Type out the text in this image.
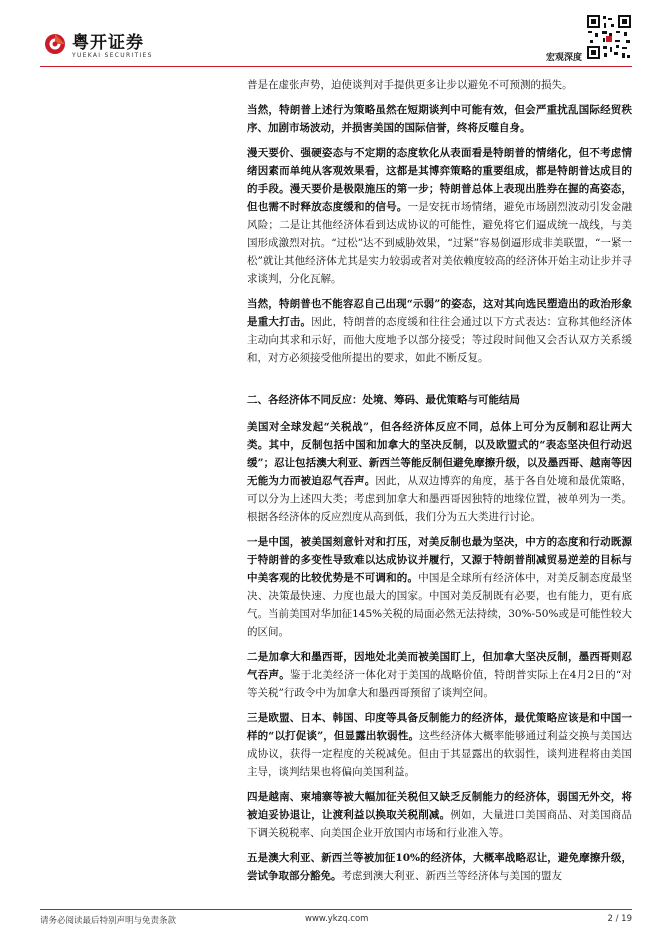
粤开证券
YUEKAI SECURITIES	宏观深度

普是在虚张声势，迫使谈判对手提供更多让步以避免不可预测的损失。

当然，特朗普上述行为策略虽然在短期谈判中可能有效，但会严重扰乱国际经贸秩序、加剧市场波动，并损害美国的国际信誉，终将反噬自身。

漫天要价、强硬姿态与不定期的态度软化从表面看是特朗普的情绪化，但不考虑情绪因素而单纯从客观效果看，这都是其博弈策略的重要组成，都是特朗普达成目的的手段。漫天要价是极限施压的第一步；特朗普总体上表现出胜券在握的高姿态，但也需不时释放态度缓和的信号。一是安抚市场情绪，避免市场剧烈波动引发金融风险；二是让其他经济体看到达成协议的可能性，避免将它们逼成统一战线，与美国形成激烈对抗。“过松”达不到威胁效果，“过紧”容易倒逼形成非美联盟，“一紧一松”就让其他经济体尤其是实力较弱或者对美依赖度较高的经济体开始主动让步并寻求谈判，分化瓦解。

当然，特朗普也不能容忍自己出现“示弱”的姿态，这对其向选民塑造出的政治形象是重大打击。因此，特朗普的态度缓和往往会通过以下方式表达：宣称其他经济体主动向其求和示好，而他大度地予以部分接受；等过段时间他又会否认双方关系缓和，对方必须接受他所提出的要求，如此不断反复。

二、各经济体不同反应：处境、筹码、最优策略与可能结局

美国对全球发起“关税战”，但各经济体反应不同，总体上可分为反制和忍让两大类。其中，反制包括中国和加拿大的坚决反制，以及欧盟式的“表态坚决但行动迟缓”；忍让包括澳大利亚、新西兰等能反制但避免摩擦升级，以及墨西哥、越南等因无能为力而被迫忍气吞声。因此，从双边博弈的角度，基于各自处境和最优策略，可以分为上述四大类；考虑到加拿大和墨西哥因独特的地缘位置，被单列为一类。根据各经济体的反应烈度从高到低，我们分为五大类进行讨论。

一是中国，被美国刻意针对和打压，对美反制也最为坚决，中方的态度和行动既源于特朗普的多变性导致难以达成协议并履行，又源于特朗普削减贸易逆差的目标与中美客观的比较优势是不可调和的。中国是全球所有经济体中，对美反制态度最坚决、决策最快速、力度也最大的国家。中国对美反制既有必要，也有能力，更有底气。当前美国对华加征145%关税的局面必然无法持续，30%-50%或是可能性较大的区间。

二是加拿大和墨西哥，因地处北美而被美国盯上，但加拿大坚决反制，墨西哥则忍气吞声。鉴于北美经济一体化对于美国的战略价值，特朗普实际上在4月2日的“对等关税”行政令中为加拿大和墨西哥预留了谈判空间。

三是欧盟、日本、韩国、印度等具备反制能力的经济体，最优策略应该是和中国一样的“以打促谈”，但显露出软弱性。这些经济体大概率能够通过利益交换与美国达成协议，获得一定程度的关税减免。但由于其显露出的软弱性，谈判进程将由美国主导，谈判结果也将偏向美国利益。

四是越南、柬埔寨等被大幅加征关税但又缺乏反制能力的经济体，弱国无外交，将被迫妥协退让，让渡利益以换取关税削减。例如，大量进口美国商品、对美国商品下调关税税率、向美国企业开放国内市场和行业准入等。

五是澳大利亚、新西兰等被加征10%的经济体，大概率战略忍让，避免摩擦升级，尝试争取部分豁免。考虑到澳大利亚、新西兰等经济体与美国的盟友

请务必阅读最后特别声明与免责条款	www.ykzq.com	2 / 19
